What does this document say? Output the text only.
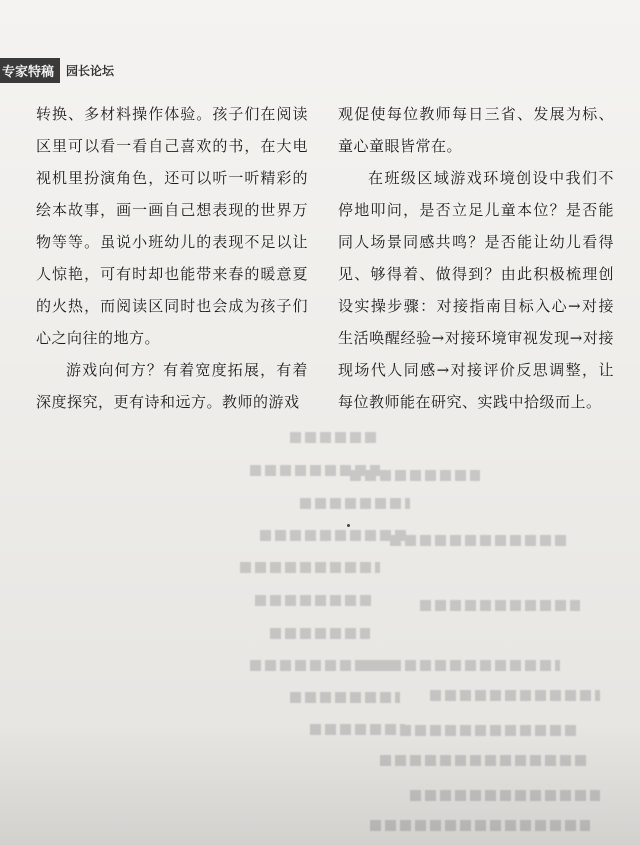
专家特稿	园长论坛

转换、多材料操作体验。孩子们在阅读区里可以看一看自己喜欢的书，在大电视机里扮演角色，还可以听一听精彩的绘本故事，画一画自己想表现的世界万物等等。虽说小班幼儿的表现不足以让人惊艳，可有时却也能带来春的暖意夏的火热，而阅读区同时也会成为孩子们心之向往的地方。

游戏向何方？有着宽度拓展，有着深度探究，更有诗和远方。教师的游戏

观促使每位教师每日三省、发展为标、童心童眼皆常在。

在班级区域游戏环境创设中我们不停地叩问，是否立足儿童本位？是否能同人场景同感共鸣？是否能让幼儿看得见、够得着、做得到？由此积极梳理创设实操步骤：对接指南目标入心→对接生活唤醒经验→对接环境审视发现→对接现场代人同感→对接评价反思调整，让每位教师能在研究、实践中拾级而上。
